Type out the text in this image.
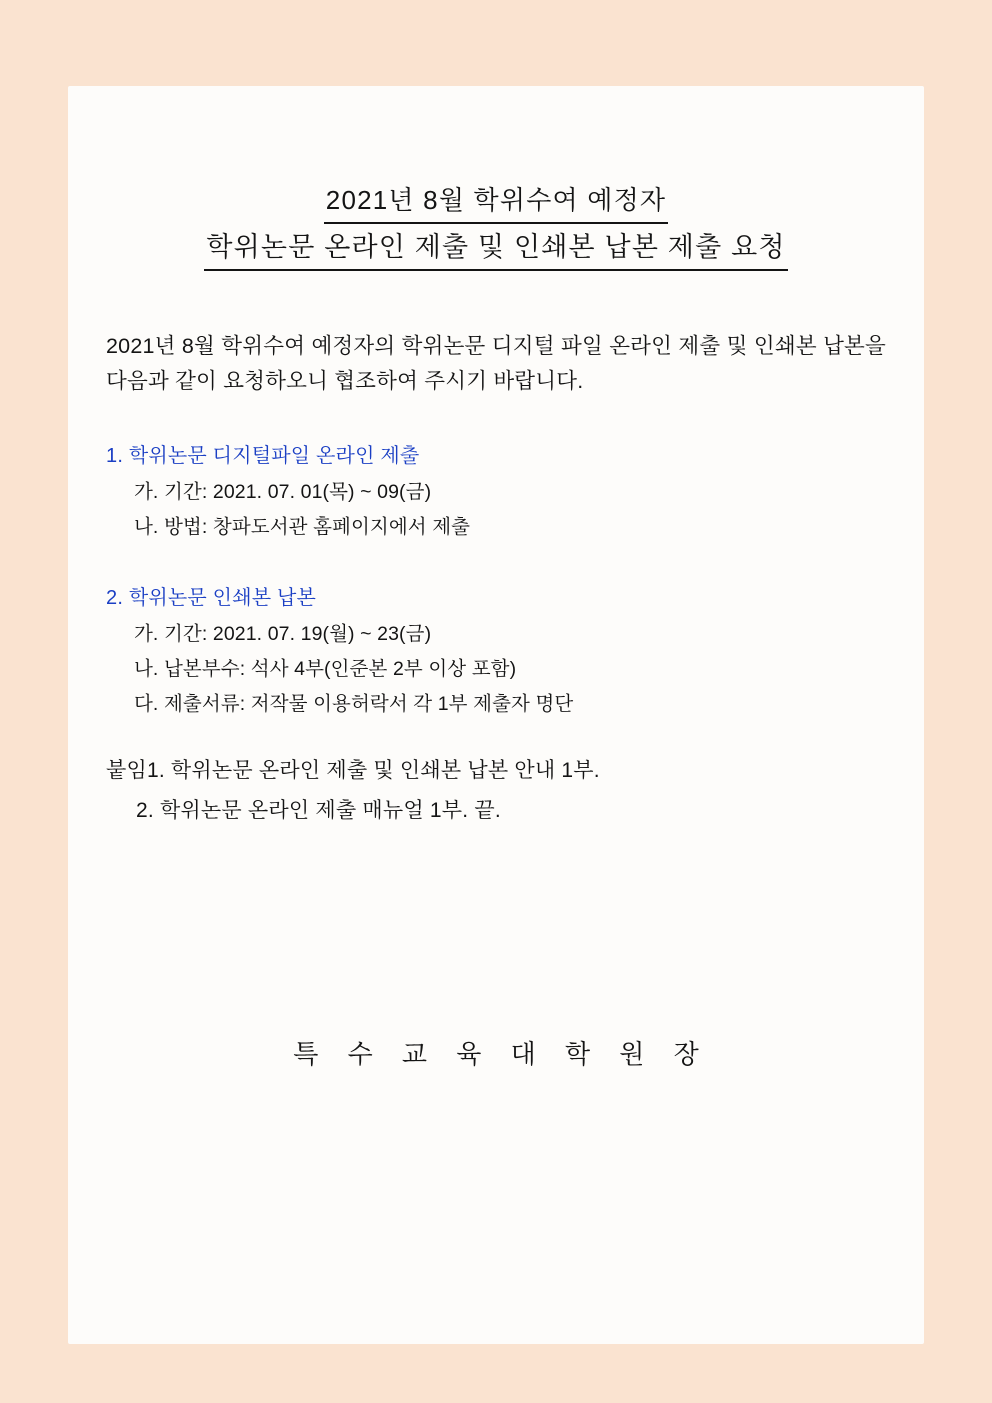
2021년 8월 학위수여 예정자
학위논문 온라인 제출 및 인쇄본 납본 제출 요청

2021년 8월 학위수여 예정자의 학위논문 디지털 파일 온라인 제출 및 인쇄본 납본을 다음과 같이 요청하오니 협조하여 주시기 바랍니다.

1. 학위논문 디지털파일 온라인 제출
가. 기간: 2021. 07. 01(목) ~ 09(금)
나. 방법: 창파도서관 홈페이지에서 제출
2. 학위논문 인쇄본 납본
가. 기간: 2021. 07. 19(월) ~ 23(금)
나. 납본부수: 석사 4부(인준본 2부 이상 포함)
다. 제출서류: 저작물 이용허락서 각 1부 제출자 명단
붙임1. 학위논문 온라인 제출 및 인쇄본 납본 안내 1부.
2. 학위논문 온라인 제출 매뉴얼 1부. 끝.
특 수 교 육 대 학 원 장
